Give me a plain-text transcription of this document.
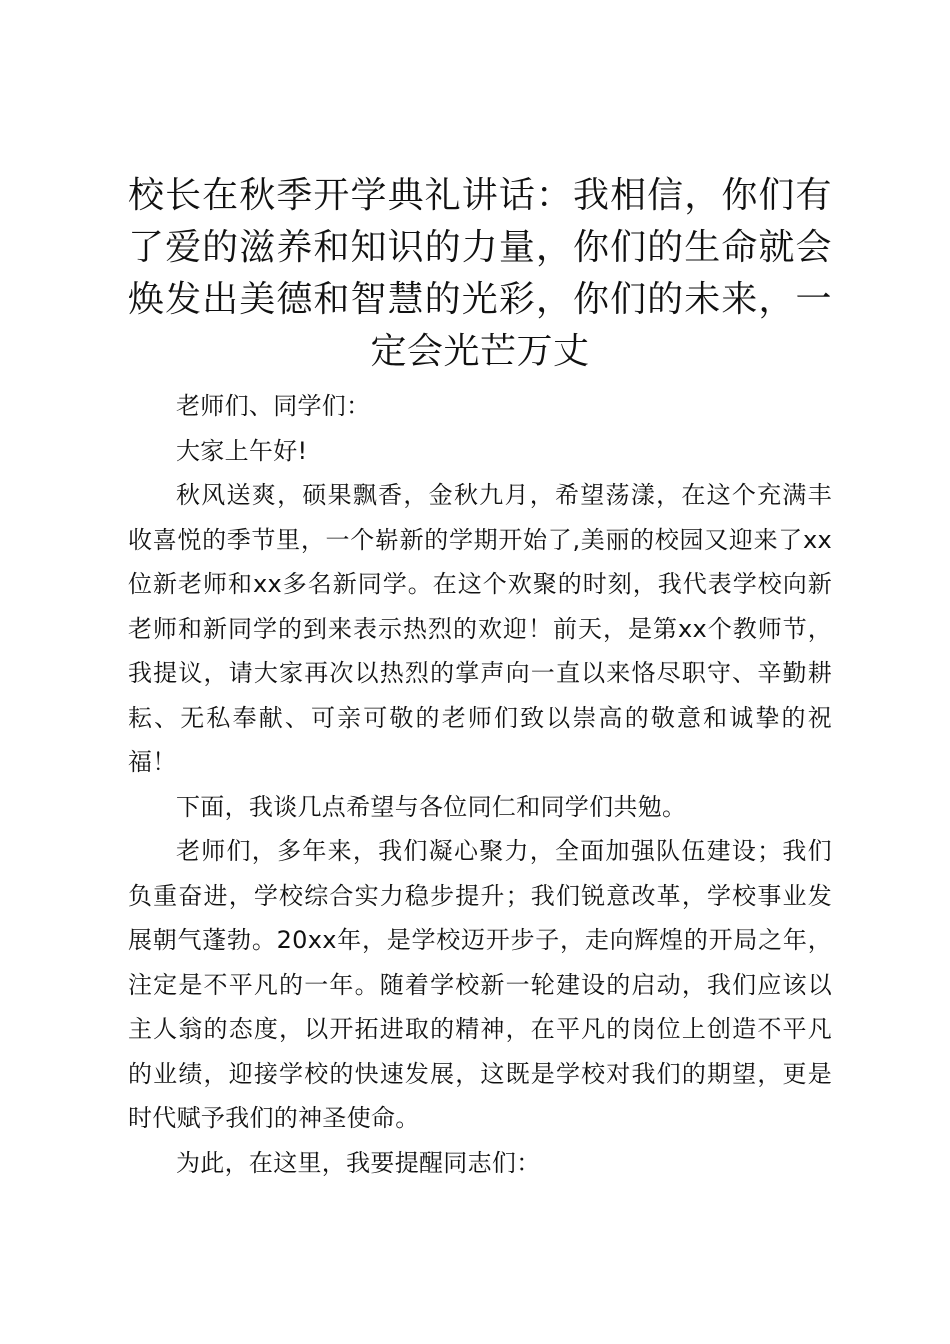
校长在秋季开学典礼讲话：我相信，你们有了爱的滋养和知识的力量，你们的生命就会焕发出美德和智慧的光彩，你们的未来，一定会光芒万丈

老师们、同学们：

大家上午好!

秋风送爽，硕果飘香，金秋九月，希望荡漾，在这个充满丰收喜悦的季节里，一个崭新的学期开始了,美丽的校园又迎来了xx位新老师和xx多名新同学。在这个欢聚的时刻，我代表学校向新老师和新同学的到来表示热烈的欢迎！前天，是第xx个教师节，我提议，请大家再次以热烈的掌声向一直以来恪尽职守、辛勤耕耘、无私奉献、可亲可敬的老师们致以崇高的敬意和诚挚的祝福！

下面，我谈几点希望与各位同仁和同学们共勉。

老师们，多年来，我们凝心聚力，全面加强队伍建设；我们负重奋进，学校综合实力稳步提升；我们锐意改革，学校事业发展朝气蓬勃。20xx年，是学校迈开步子，走向辉煌的开局之年，注定是不平凡的一年。随着学校新一轮建设的启动，我们应该以主人翁的态度，以开拓进取的精神，在平凡的岗位上创造不平凡的业绩，迎接学校的快速发展，这既是学校对我们的期望，更是时代赋予我们的神圣使命。

为此，在这里，我要提醒同志们：
